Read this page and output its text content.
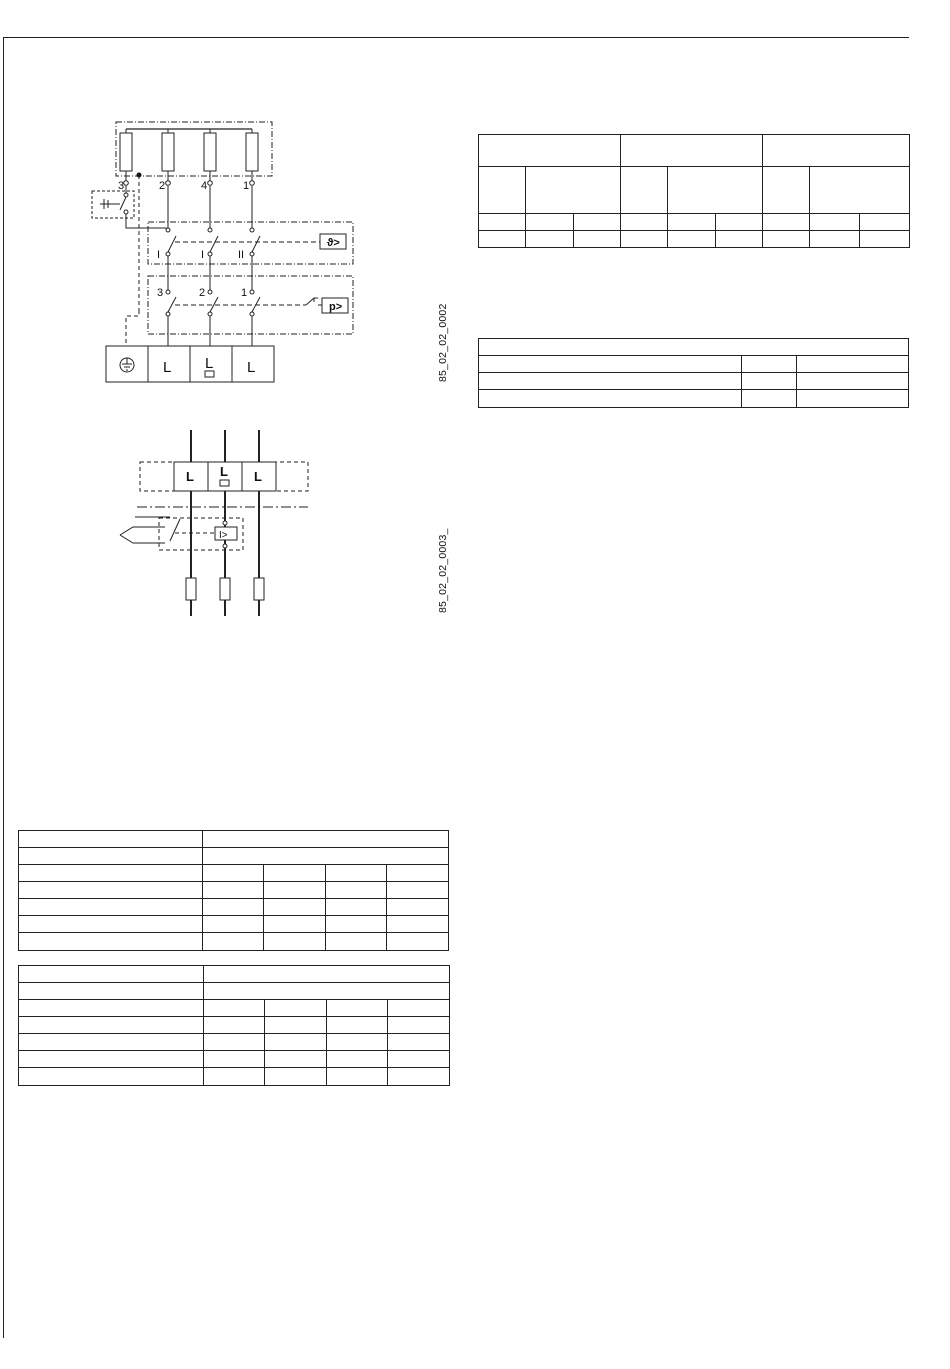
3	2	4	1
I	I	II
ϑ>
3	2	1
p>
L L L	85_02_02_0002
L L L
I>	85_02_02_0003_
